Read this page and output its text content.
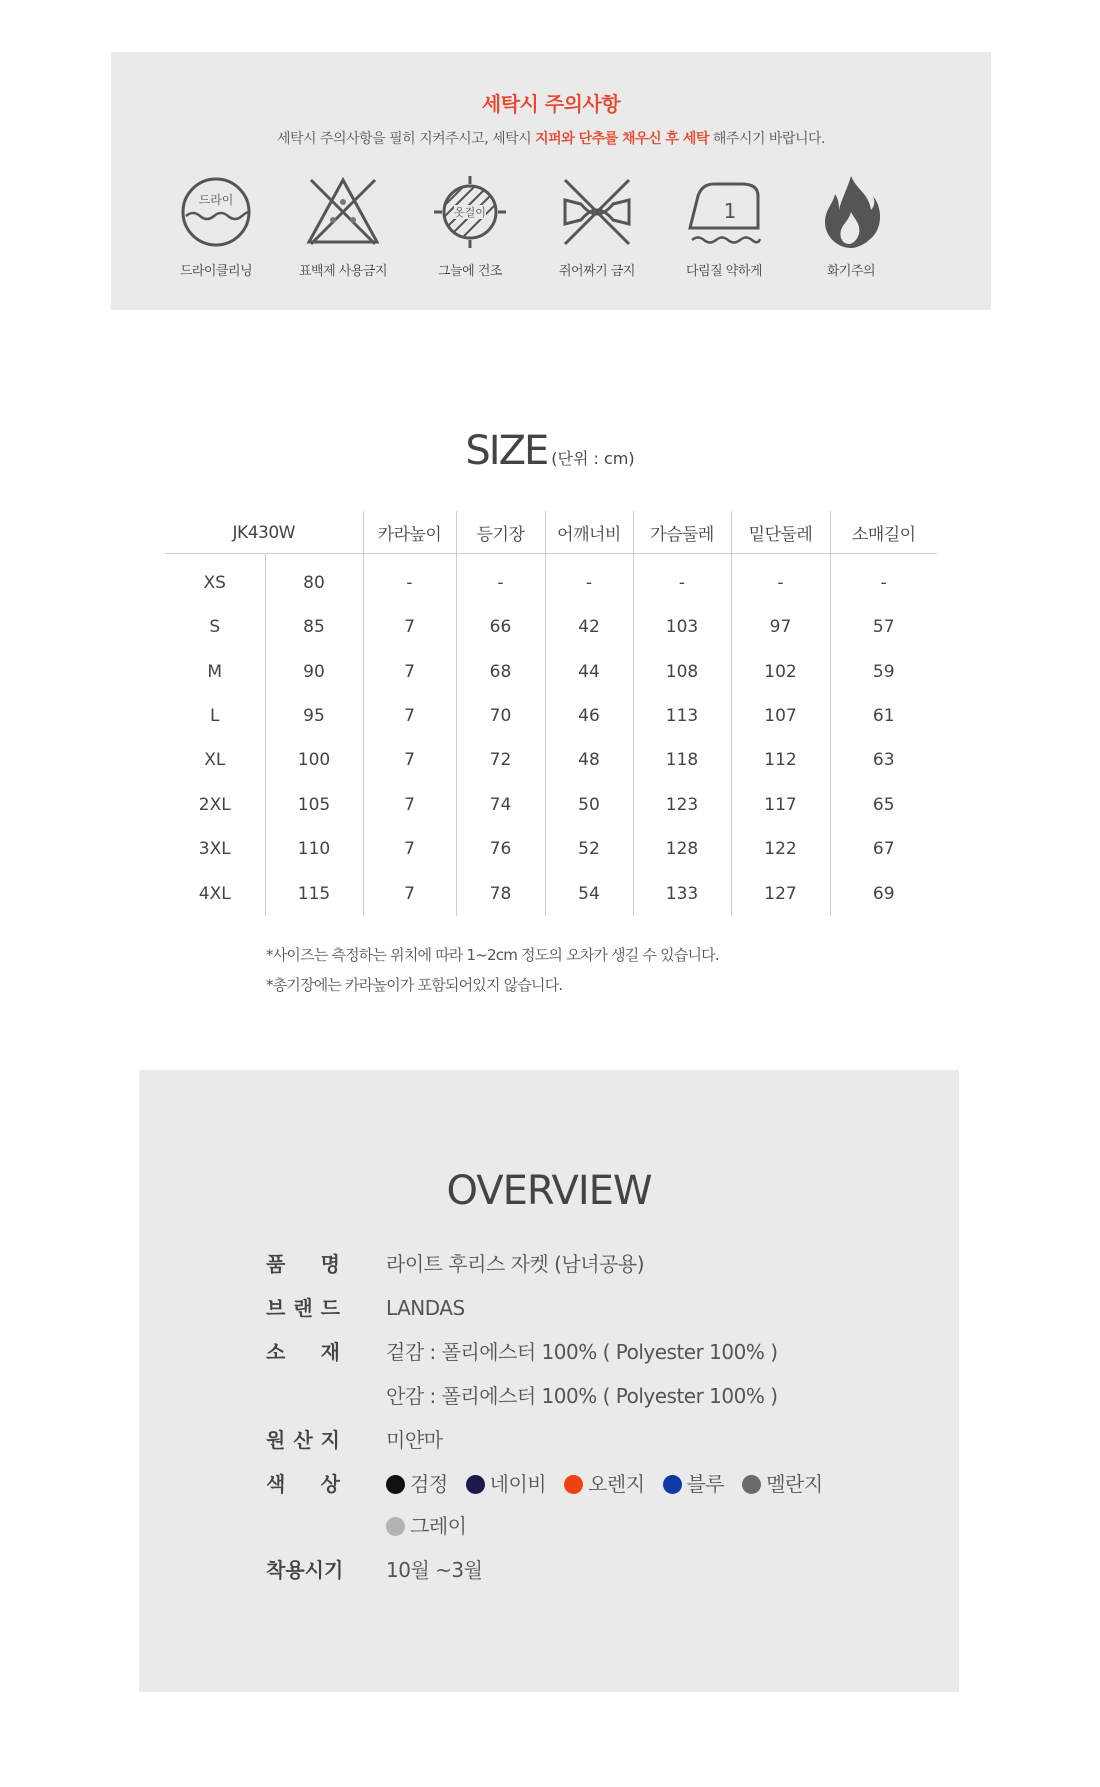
세탁시 주의사항
세탁시 주의사항을 필히 지켜주시고, 세탁시 지퍼와 단추를 채우신 후 세탁 해주시기 바랍니다.
드라이
드라이클리닝	표백제 사용금지
옷걸이
그늘에 건조	쥐어짜기 금지
1
다림질 약하게	화기주의
SIZE (단위 : cm)
JK430W		카라높이	등기장	어깨너비	가슴둘레	밑단둘레	소매길이
XS	80	-	-	-	-	-	-
S	85	7	66	42	103	97	57
M	90	7	68	44	108	102	59
L	95	7	70	46	113	107	61
XL	100	7	72	48	118	112	63
2XL	105	7	74	50	123	117	65
3XL	110	7	76	52	128	122	67
4XL	115	7	78	54	133	127	69
*사이즈는 측정하는 위치에 따라 1~2cm 정도의 오차가 생길 수 있습니다.
*총기장에는 카라높이가 포함되어있지 않습니다.
OVERVIEW
품 명 라이트 후리스 자켓 (남녀공용)
브 랜 드 LANDAS
소 재 겉감 : 폴리에스터 100% ( Polyester 100% )
안감 : 폴리에스터 100% ( Polyester 100% )
원 산 지 미얀마
색 상	검정 네이비 오렌지 블루 멜란지
그레이
착 용 시 기 10월 ~3월
